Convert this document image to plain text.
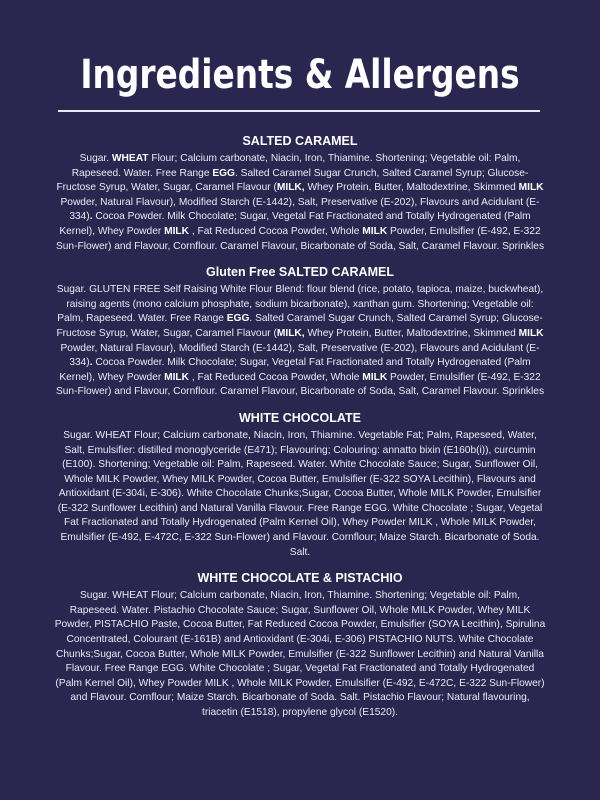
Ingredients & Allergens
SALTED CARAMEL

Sugar. WHEAT Flour; Calcium carbonate, Niacin, Iron, Thiamine. Shortening; Vegetable oil: Palm, Rapeseed. Water. Free Range EGG. Salted Caramel Sugar Crunch, Salted Caramel Syrup; Glucose-Fructose Syrup, Water, Sugar, Caramel Flavour (MILK, Whey Protein, Butter, Maltodextrine, Skimmed MILK Powder, Natural Flavour), Modified Starch (E-1442), Salt, Preservative (E-202), Flavours and Acidulant (E-334). Cocoa Powder. Milk Chocolate; Sugar, Vegetal Fat Fractionated and Totally Hydrogenated (Palm Kernel), Whey Powder MILK , Fat Reduced Cocoa Powder, Whole MILK Powder, Emulsifier (E-492, E-322 Sun-Flower) and Flavour, Cornflour. Caramel Flavour, Bicarbonate of Soda, Salt, Caramel Flavour. Sprinkles

Gluten Free SALTED CARAMEL

Sugar. GLUTEN FREE Self Raising White Flour Blend: flour blend (rice, potato, tapioca, maize, buckwheat), raising agents (mono calcium phosphate, sodium bicarbonate), xanthan gum. Shortening; Vegetable oil: Palm, Rapeseed. Water. Free Range EGG. Salted Caramel Sugar Crunch, Salted Caramel Syrup; Glucose-Fructose Syrup, Water, Sugar, Caramel Flavour (MILK, Whey Protein, Butter, Maltodextrine, Skimmed MILK Powder, Natural Flavour), Modified Starch (E-1442), Salt, Preservative (E-202), Flavours and Acidulant (E-334). Cocoa Powder. Milk Chocolate; Sugar, Vegetal Fat Fractionated and Totally Hydrogenated (Palm Kernel), Whey Powder MILK , Fat Reduced Cocoa Powder, Whole MILK Powder, Emulsifier (E-492, E-322 Sun-Flower) and Flavour, Cornflour. Caramel Flavour, Bicarbonate of Soda, Salt, Caramel Flavour. Sprinkles

WHITE CHOCOLATE

Sugar. WHEAT Flour; Calcium carbonate, Niacin, Iron, Thiamine. Vegetable Fat; Palm, Rapeseed, Water, Salt, Emulsifier: distilled monoglyceride (E471); Flavouring; Colouring: annatto bixin (E160b(i)), curcumin (E100). Shortening; Vegetable oil: Palm, Rapeseed. Water. White Chocolate Sauce; Sugar, Sunflower Oil, Whole MILK Powder, Whey MILK Powder, Cocoa Butter, Emulsifier (E-322 SOYA Lecithin), Flavours and Antioxidant (E-304i, E-306). White Chocolate Chunks;Sugar, Cocoa Butter, Whole MILK Powder, Emulsifier (E-322 Sunflower Lecithin) and Natural Vanilla Flavour. Free Range EGG. White Chocolate ; Sugar, Vegetal Fat Fractionated and Totally Hydrogenated (Palm Kernel Oil), Whey Powder MILK , Whole MILK Powder, Emulsifier (E-492, E-472C, E-322 Sun-Flower) and Flavour. Cornflour; Maize Starch. Bicarbonate of Soda. Salt.

WHITE CHOCOLATE & PISTACHIO

Sugar. WHEAT Flour; Calcium carbonate, Niacin, Iron, Thiamine. Shortening; Vegetable oil: Palm, Rapeseed. Water. Pistachio Chocolate Sauce; Sugar, Sunflower Oil, Whole MILK Powder, Whey MILK Powder, PISTACHIO Paste, Cocoa Butter, Fat Reduced Cocoa Powder, Emulsifier (SOYA Lecithin), Spirulina Concentrated, Colourant (E-161B) and Antioxidant (E-304i, E-306) PISTACHIO NUTS. White Chocolate Chunks;Sugar, Cocoa Butter, Whole MILK Powder, Emulsifier (E-322 Sunflower Lecithin) and Natural Vanilla Flavour. Free Range EGG. White Chocolate ; Sugar, Vegetal Fat Fractionated and Totally Hydrogenated (Palm Kernel Oil), Whey Powder MILK , Whole MILK Powder, Emulsifier (E-492, E-472C, E-322 Sun-Flower) and Flavour. Cornflour; Maize Starch. Bicarbonate of Soda. Salt. Pistachio Flavour; Natural flavouring, triacetin (E1518), propylene glycol (E1520).
